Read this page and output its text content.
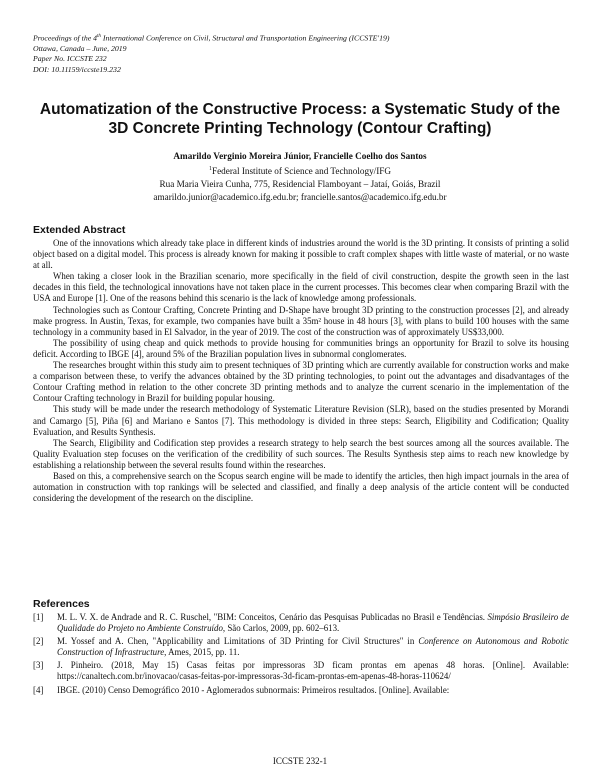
Proceedings of the 4th International Conference on Civil, Structural and Transportation Engineering (ICCSTE'19)
Ottawa, Canada – June, 2019
Paper No. ICCSTE 232
DOI: 10.11159/iccste19.232
Automatization of the Constructive Process: a Systematic Study of the
3D Concrete Printing Technology (Contour Crafting)
Amarildo Verginio Moreira Júnior, Francielle Coelho dos Santos
$^1$Federal Institute of Science and Technology/IFG
Rua Maria Vieira Cunha, 775, Residencial Flamboyant – Jataí, Goiás, Brazil
amarildo.junior@academico.ifg.edu.br; francielle.santos@academico.ifg.edu.br
Extended Abstract

One of the innovations which already take place in different kinds of industries around the world is the 3D printing. It consists of printing a solid object based on a digital model. This process is already known for making it possible to craft complex shapes with little waste of material, or no waste at all.

When taking a closer look in the Brazilian scenario, more specifically in the field of civil construction, despite the growth seen in the last decades in this field, the technological innovations have not taken place in the current processes. This becomes clear when comparing Brazil with the USA and Europe [1]. One of the reasons behind this scenario is the lack of knowledge among professionals.

Technologies such as Contour Crafting, Concrete Printing and D-Shape have brought 3D printing to the construction processes [2], and already make progress. In Austin, Texas, for example, two companies have built a 35m² house in 48 hours [3], with plans to build 100 houses with the same technology in a community based in El Salvador, in the year of 2019. The cost of the construction was of approximately US$33,000.

The possibility of using cheap and quick methods to provide housing for communities brings an opportunity for Brazil to solve its housing deficit. According to IBGE [4], around 5% of the Brazilian population lives in subnormal conglomerates.

The researches brought within this study aim to present techniques of 3D printing which are currently available for construction works and make a comparison between these, to verify the advances obtained by the 3D printing technologies, to point out the advantages and disadvantages of the Contour Crafting method in relation to the other concrete 3D printing methods and to analyze the current scenario in the implementation of the Contour Crafting technology in Brazil for building popular housing.

This study will be made under the research methodology of Systematic Literature Revision (SLR), based on the studies presented by Morandi and Camargo [5], Piña [6] and Mariano e Santos [7]. This methodology is divided in three steps: Search, Eligibility and Codification; Quality Evaluation, and Results Synthesis.

The Search, Eligibility and Codification step provides a research strategy to help search the best sources among all the sources available. The Quality Evaluation step focuses on the verification of the credibility of such sources. The Results Synthesis step aims to reach new knowledge by establishing a relationship between the several results found within the researches.

Based on this, a comprehensive search on the Scopus search engine will be made to identify the articles, then high impact journals in the area of automation in construction with top rankings will be selected and classified, and finally a deep analysis of the article content will be conducted considering the development of the research on the discipline.

References
[1] M. L. V. X. de Andrade and R. C. Ruschel, "BIM: Conceitos, Cenário das Pesquisas Publicadas no Brasil e Tendências. Simpósio Brasileiro de Qualidade do Projeto no Ambiente Construído, São Carlos, 2009, pp. 602–613.
[2] M. Yossef and A. Chen, "Applicability and Limitations of 3D Printing for Civil Structures" in Conference on Autonomous and Robotic Construction of Infrastructure, Ames, 2015, pp. 11.
[3] J. Pinheiro. (2018, May 15) Casas feitas por impressoras 3D ficam prontas em apenas 48 horas. [Online]. Available: https://canaltech.com.br/inovacao/casas-feitas-por-impressoras-3d-ficam-prontas-em-apenas-48-horas-110624/
[4] IBGE. (2010) Censo Demográfico 2010 - Aglomerados subnormais: Primeiros resultados. [Online]. Available:
ICCSTE 232-1
